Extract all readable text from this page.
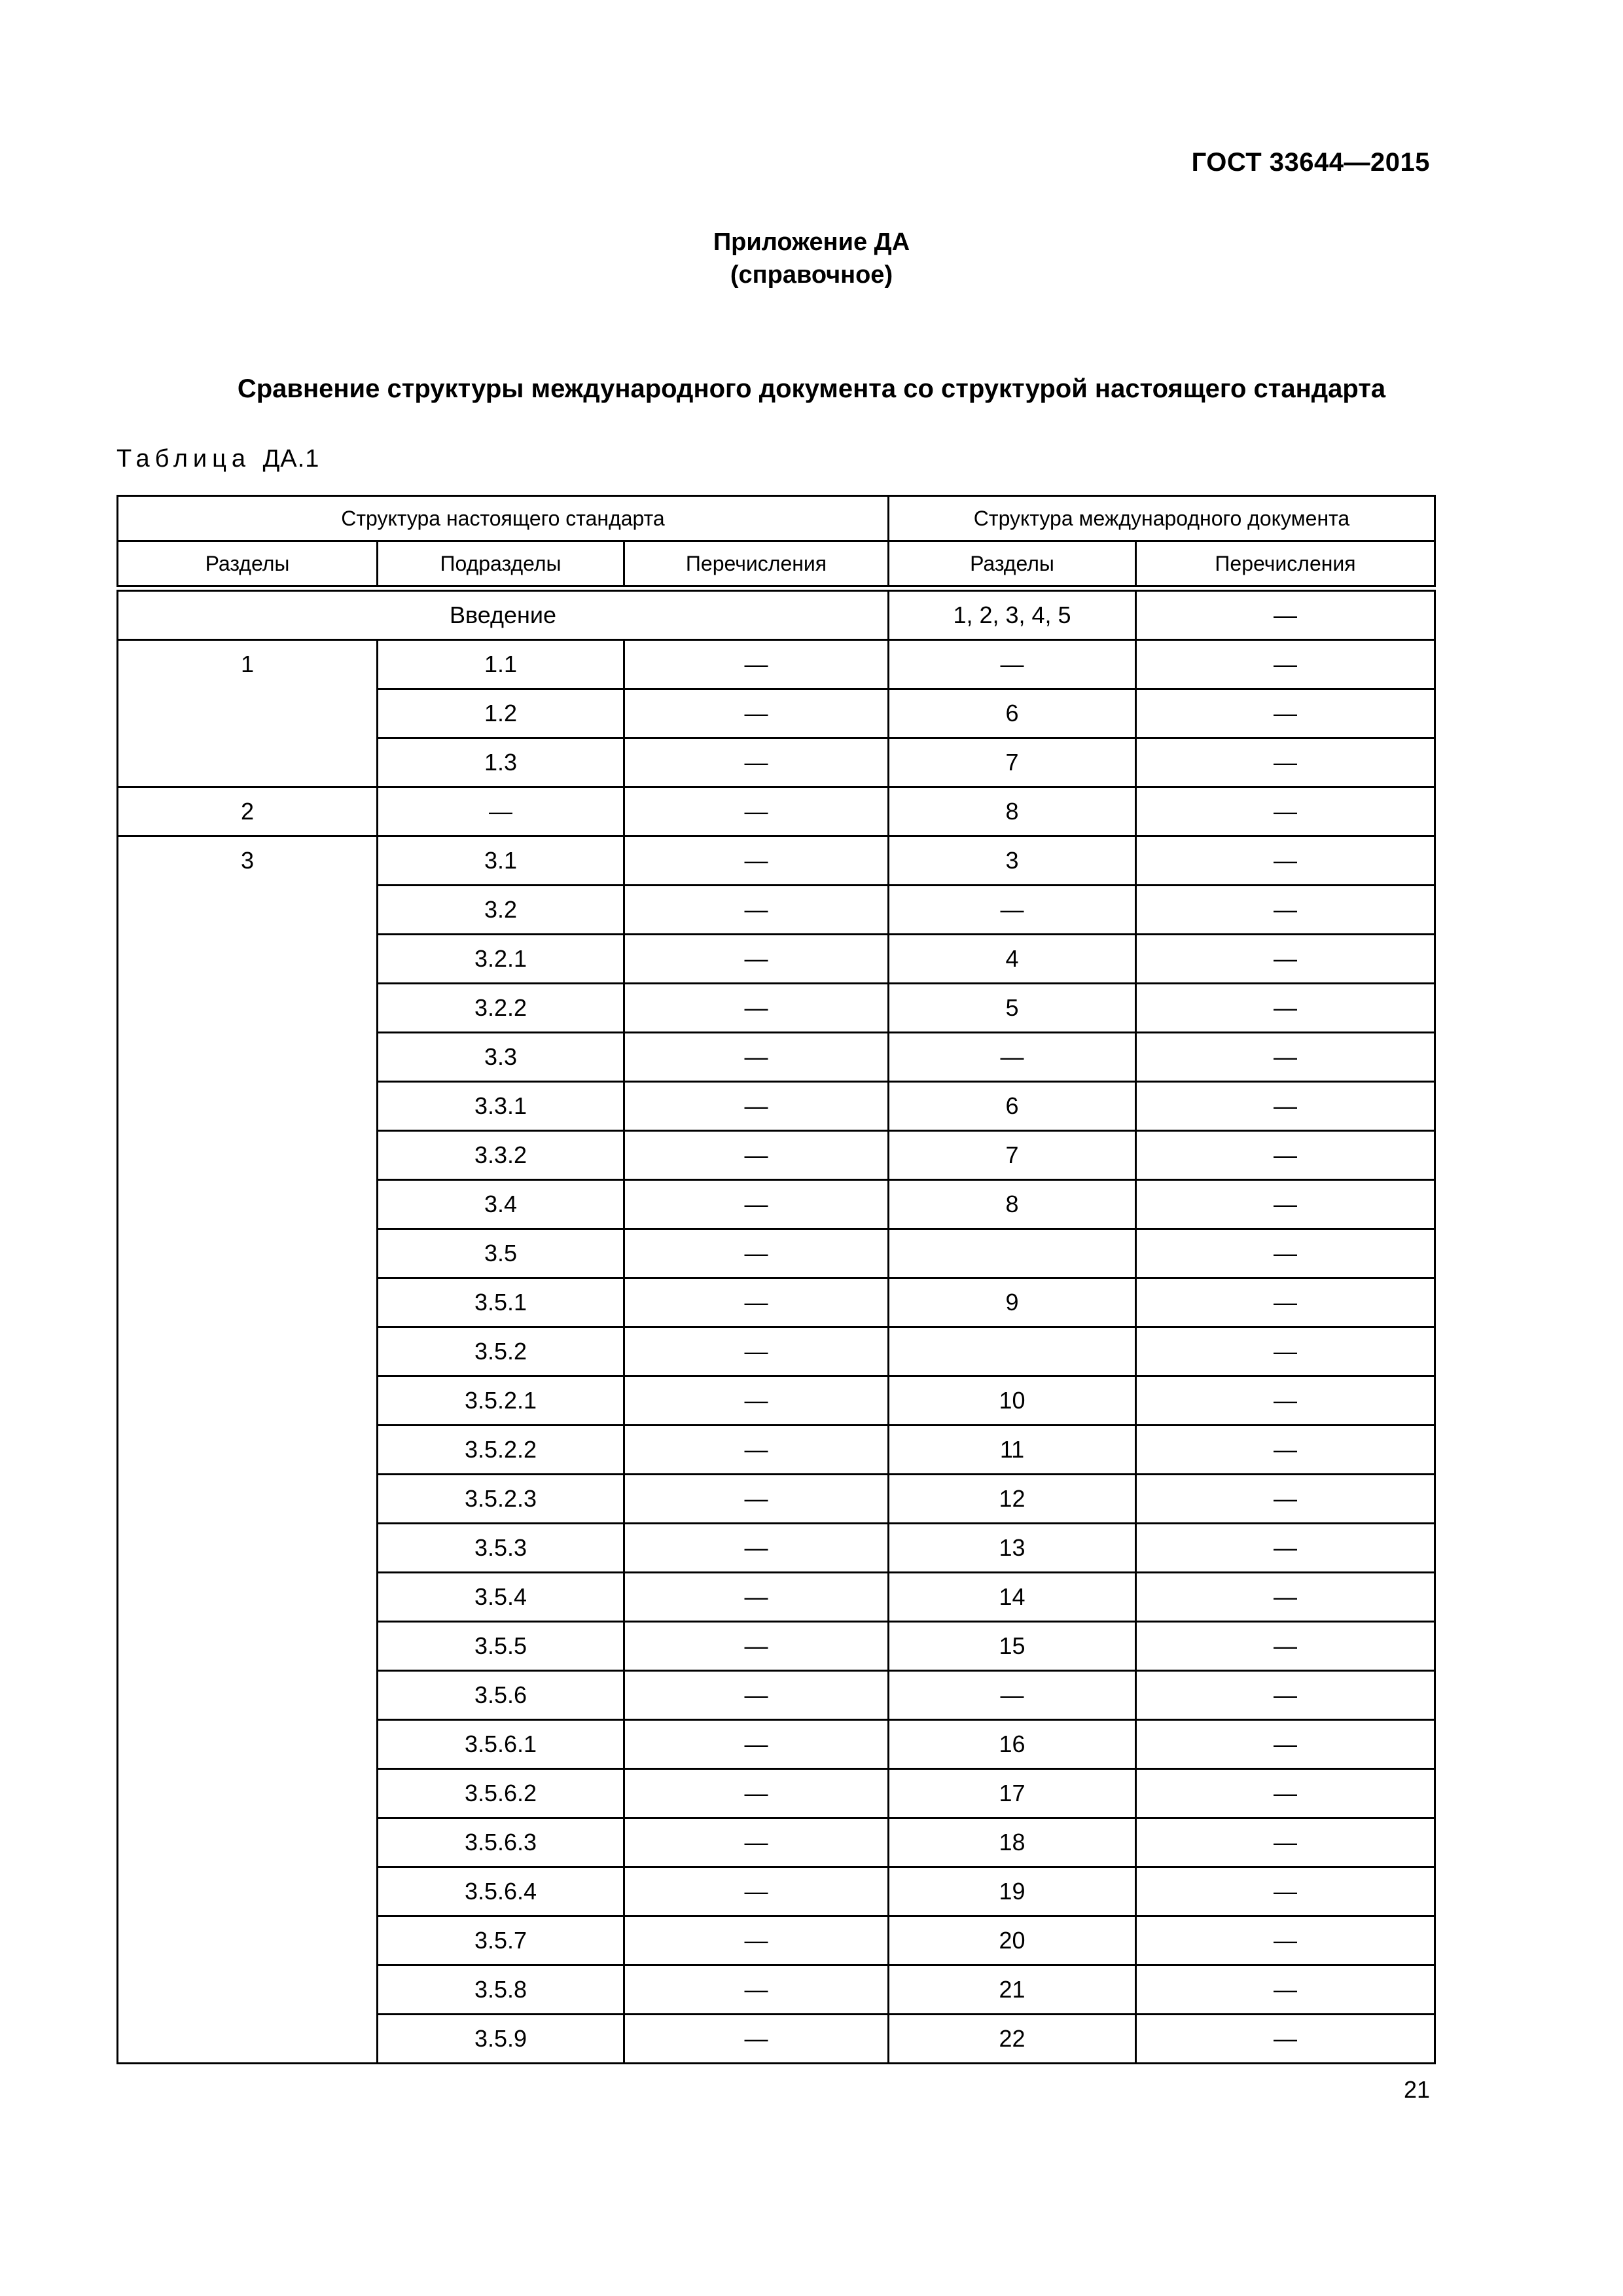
ГОСТ 33644—2015
Приложение ДА
(справочное)
Сравнение структуры международного документа со структурой настоящего стандарта
Таблица ДА.1
Структура настоящего стандарта			Структура международного документа	
Разделы	Подразделы	Перечисления	Разделы	Перечисления

Введение			1, 2, 3, 4, 5	—
1	1.1	—	—	—
	1.2	—	6	—
	1.3	—	7	—
2	—	—	8	—
3	3.1	—	3	—
	3.2	—	—	—
	3.2.1	—	4	—
	3.2.2	—	5	—
	3.3	—	—	—
	3.3.1	—	6	—
	3.3.2	—	7	—
	3.4	—	8	—
	3.5	—		—
	3.5.1	—	9	—
	3.5.2	—		—
	3.5.2.1	—	10	—
	3.5.2.2	—	11	—
	3.5.2.3	—	12	—
	3.5.3	—	13	—
	3.5.4	—	14	—
	3.5.5	—	15	—
	3.5.6	—	—	—
	3.5.6.1	—	16	—
	3.5.6.2	—	17	—
	3.5.6.3	—	18	—
	3.5.6.4	—	19	—
	3.5.7	—	20	—
	3.5.8	—	21	—
	3.5.9	—	22	—
21
